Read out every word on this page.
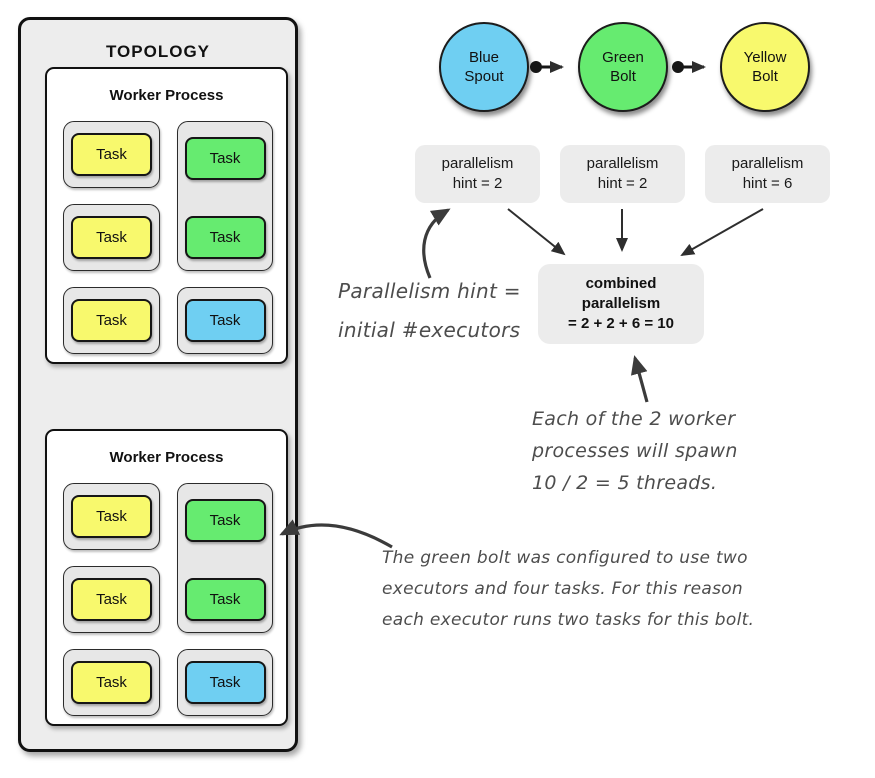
TOPOLOGY
Worker Process
Task
Task
Task
Task
Task
Task
Worker Process
Task
Task
Task
Task
Task
Task
Blue
Spout
Green
Bolt
Yellow
Bolt
parallelism
hint = 2
parallelism
hint = 2
parallelism
hint = 6
combined
parallelism
= 2 + 2 + 6 = 10
Parallelism hint =
initial #executors
Each of the 2 worker
processes will spawn
10 / 2 = 5 threads.
The green bolt was configured to use two
executors and four tasks. For this reason
each executor runs two tasks for this bolt.
